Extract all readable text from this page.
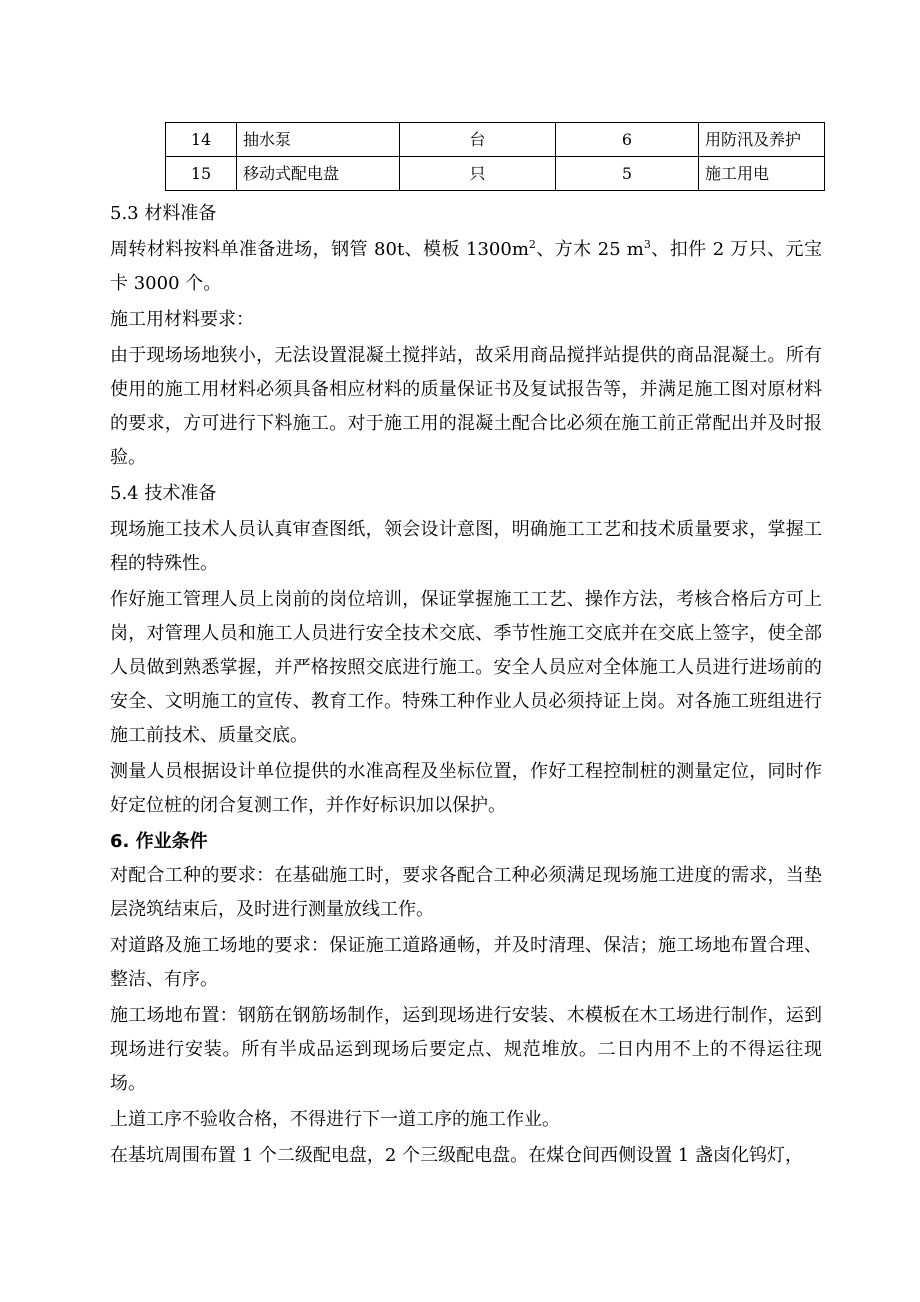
14	抽水泵	台	6	用防汛及养护
15	移动式配电盘	只	5	施工用电

5.3 材料准备

周转材料按料单准备进场，钢管 80t、模板 $1300m^2$、方木 25 $m^3$、扣件 2 万只、元宝卡 3000 个。

施工用材料要求：

由于现场场地狭小，无法设置混凝土搅拌站，故采用商品搅拌站提供的商品混凝土。所有使用的施工用材料必须具备相应材料的质量保证书及复试报告等，并满足施工图对原材料的要求，方可进行下料施工。对于施工用的混凝土配合比必须在施工前正常配出并及时报验。

5.4 技术准备

现场施工技术人员认真审查图纸，领会设计意图，明确施工工艺和技术质量要求，掌握工程的特殊性。

作好施工管理人员上岗前的岗位培训，保证掌握施工工艺、操作方法，考核合格后方可上岗，对管理人员和施工人员进行安全技术交底、季节性施工交底并在交底上签字，使全部人员做到熟悉掌握，并严格按照交底进行施工。安全人员应对全体施工人员进行进场前的安全、文明施工的宣传、教育工作。特殊工种作业人员必须持证上岗。对各施工班组进行施工前技术、质量交底。

测量人员根据设计单位提供的水准高程及坐标位置，作好工程控制桩的测量定位，同时作好定位桩的闭合复测工作，并作好标识加以保护。

6. 作业条件

对配合工种的要求：在基础施工时，要求各配合工种必须满足现场施工进度的需求，当垫层浇筑结束后，及时进行测量放线工作。

对道路及施工场地的要求：保证施工道路通畅，并及时清理、保洁；施工场地布置合理、整洁、有序。

施工场地布置：钢筋在钢筋场制作，运到现场进行安装、木模板在木工场进行制作，运到现场进行安装。所有半成品运到现场后要定点、规范堆放。二日内用不上的不得运往现场。

上道工序不验收合格，不得进行下一道工序的施工作业。

在基坑周围布置 1 个二级配电盘，2 个三级配电盘。在煤仓间西侧设置 1 盏卤化钨灯，
